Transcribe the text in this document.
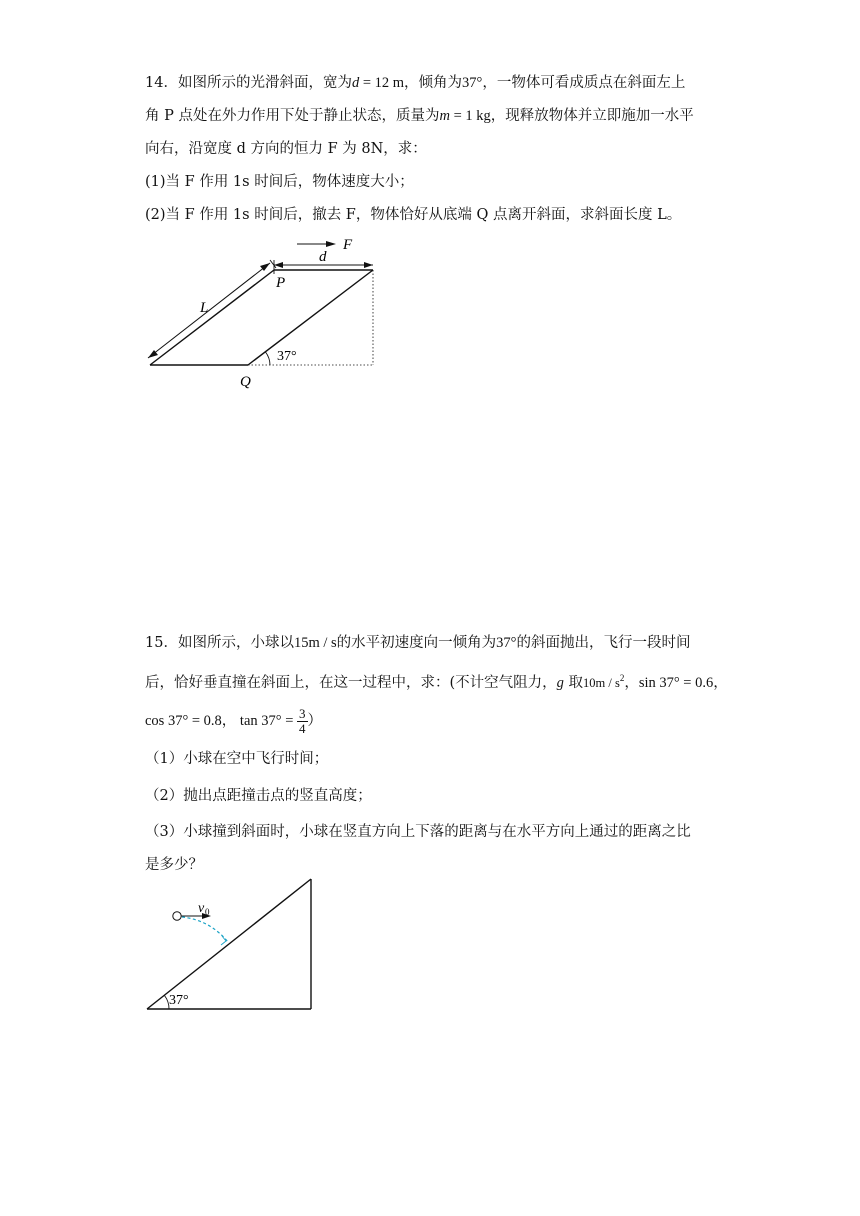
14．如图所示的光滑斜面，宽为d = 12 m，倾角为37°，一物体可看成质点在斜面左上
角 P 点处在外力作用下处于静止状态，质量为m = 1 kg，现释放物体并立即施加一水平
向右，沿宽度 d 方向的恒力 F 为 8N，求：
(1)当 F 作用 1s 时间后，物体速度大小；
(2)当 F 作用 1s 时间后，撤去 F，物体恰好从底端 Q 点离开斜面，求斜面长度 L。
F
d
P
L
Q
37°
15．如图所示，小球以15m / s的水平初速度向一倾角为37°的斜面抛出，飞行一段时间
后，恰好垂直撞在斜面上，在这一过程中，求：(不计空气阻力，g 取$10m / s^2$，sin 37° = 0.6，
cos 37° = 0.8， $\tan 37^\circ = \frac{3}{4}$ ）
（1）小球在空中飞行时间；
（2）抛出点距撞击点的竖直高度；
（3）小球撞到斜面时，小球在竖直方向上下落的距离与在水平方向上通过的距离之比
是多少？
v 0
37°
